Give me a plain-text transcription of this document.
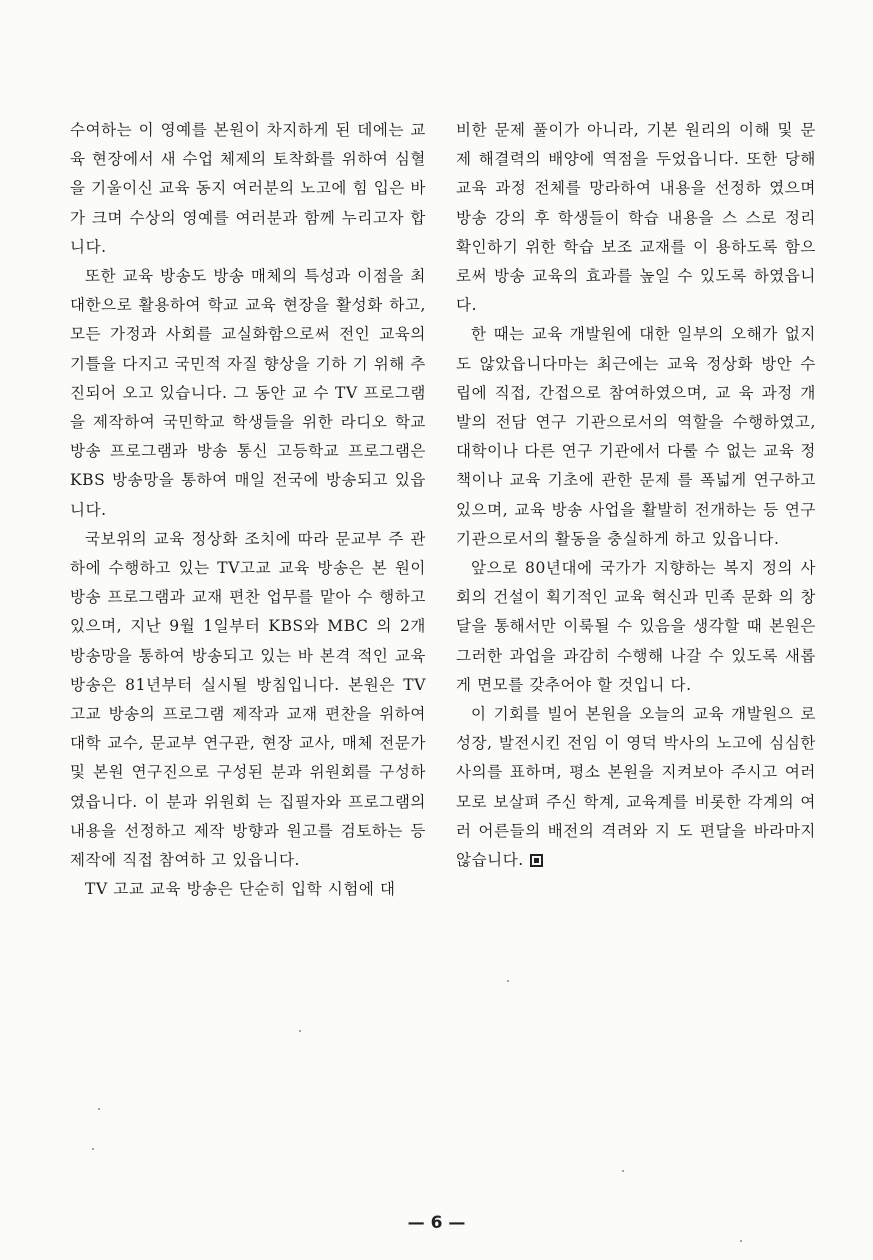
수여하는 이 영예를 본원이 차지하게 된 데에는 교육 현장에서 새 수업 체제의 토착화를 위하여 심혈을 기울이신 교육 동지 여러분의 노고에 힘 입은 바가 크며 수상의 영예를 여러분과 함께 누리고자 합니다.
또한 교육 방송도 방송 매체의 특성과 이점을 최대한으로 활용하여 학교 교육 현장을 활성화 하고, 모든 가정과 사회를 교실화함으로써 전인 교육의 기틀을 다지고 국민적 자질 향상을 기하 기 위해 추진되어 오고 있습니다. 그 동안 교 수 TV 프로그램을 제작하여 국민학교 학생들을 위한 라디오 학교 방송 프로그램과 방송 통신 고등학교 프로그램은 KBS 방송망을 통하여 매일 전국에 방송되고 있읍니다.
국보위의 교육 정상화 조치에 따라 문교부 주 관하에 수행하고 있는 TV고교 교육 방송은 본 원이 방송 프로그램과 교재 편찬 업무를 맡아 수 행하고 있으며, 지난 9월 1일부터 KBS와 MBC 의 2개 방송망을 통하여 방송되고 있는 바 본격 적인 교육 방송은 81년부터 실시될 방침입니다. 본원은 TV 고교 방송의 프로그램 제작과 교재 편찬을 위하여 대학 교수, 문교부 연구관, 현장 교사, 매체 전문가 및 본원 연구진으로 구성된 분과 위원회를 구성하였읍니다. 이 분과 위원회 는 집필자와 프로그램의 내용을 선정하고 제작 방향과 원고를 검토하는 등 제작에 직접 참여하 고 있읍니다.
TV 고교 교육 방송은 단순히 입학 시험에 대
비한 문제 풀이가 아니라, 기본 원리의 이해 및 문제 해결력의 배양에 역점을 두었읍니다. 또한 당해 교육 과정 전체를 망라하여 내용을 선정하 였으며 방송 강의 후 학생들이 학습 내용을 스 스로 정리 확인하기 위한 학습 보조 교재를 이 용하도록 함으로써 방송 교육의 효과를 높일 수 있도록 하였읍니다.
한 때는 교육 개발원에 대한 일부의 오해가 없지도 않았읍니다마는 최근에는 교육 정상화 방안 수립에 직접, 간접으로 참여하였으며, 교 육 과정 개발의 전담 연구 기관으로서의 역할을 수행하였고, 대학이나 다른 연구 기관에서 다룰 수 없는 교육 정책이나 교육 기초에 관한 문제 를 폭넓게 연구하고 있으며, 교육 방송 사업을 활발히 전개하는 등 연구 기관으로서의 활동을 충실하게 하고 있읍니다.
앞으로 80년대에 국가가 지향하는 복지 정의 사회의 건설이 획기적인 교육 혁신과 민족 문화 의 창달을 통해서만 이룩될 수 있음을 생각할 때 본원은 그러한 과업을 과감히 수행해 나갈 수 있도록 새롭게 면모를 갖추어야 할 것입니 다.
이 기회를 빌어 본원을 오늘의 교육 개발원으 로 성장, 발전시킨 전임 이 영덕 박사의 노고에 심심한 사의를 표하며, 평소 본원을 지켜보아 주시고 여러 모로 보살펴 주신 학계, 교육계를 비롯한 각계의 여러 어른들의 배전의 격려와 지 도 편달을 바라마지 않습니다.
— 6 —
